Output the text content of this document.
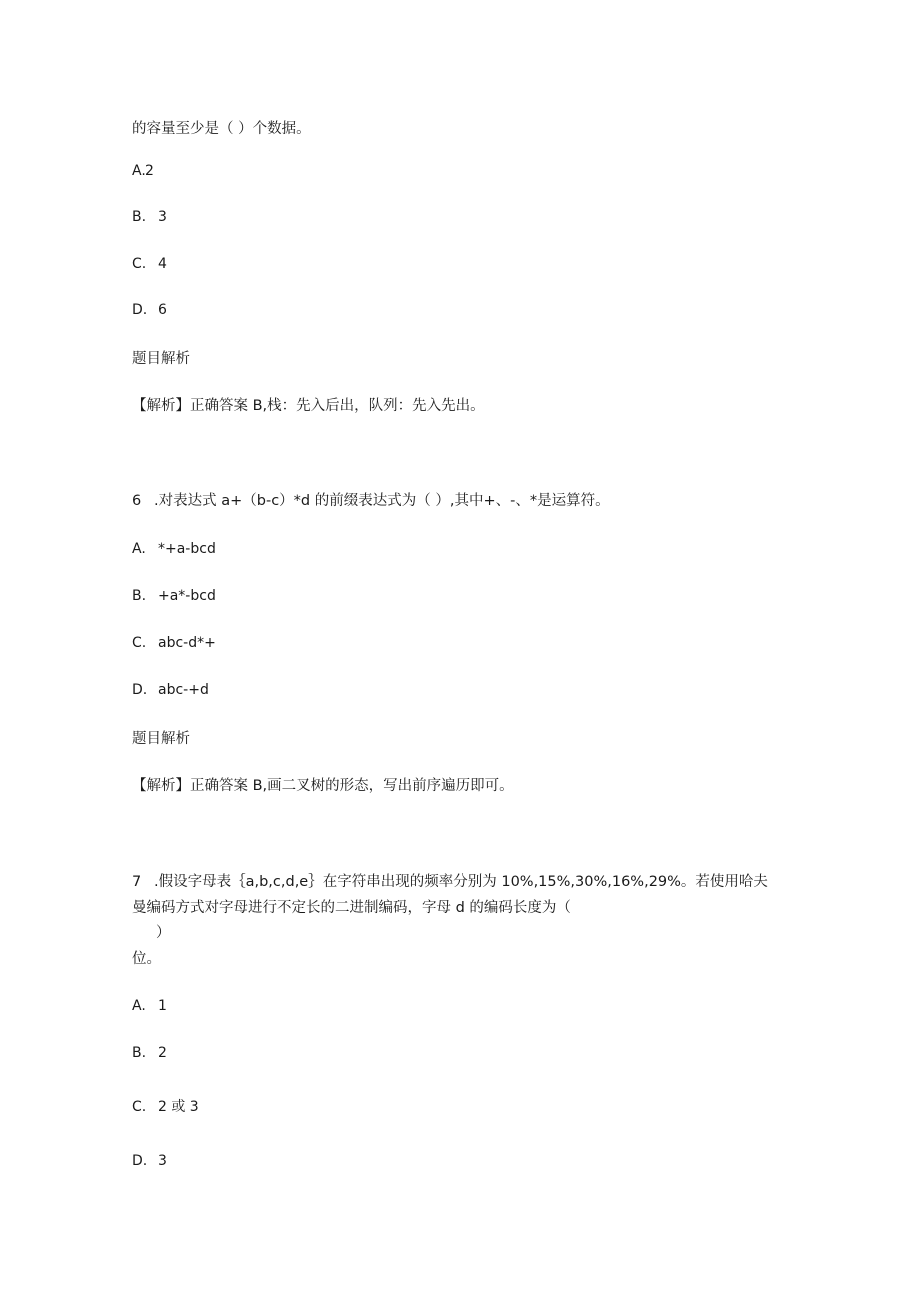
的容量至少是（ ）个数据。
A.2
B. 3
C. 4
D. 6
题目解析
【解析】正确答案 B,栈：先入后出，队列：先入先出。
6 .对表达式 a+（b-c）*d 的前缀表达式为（ ）,其中+、-、*是运算符。
A. *+a-bcd
B. +a*-bcd
C. abc-d*+
D. abc-+d
题目解析
【解析】正确答案 B,画二叉树的形态，写出前序遍历即可。
7 .假设字母表｛a,b,c,d,e｝在字符串出现的频率分别为 10%,15%,30%,16%,29%。若使用哈夫
曼编码方式对字母进行不定长的二进制编码，字母 d 的编码长度为（
）
位。
A. 1
B. 2
C. 2 或 3
D. 3
